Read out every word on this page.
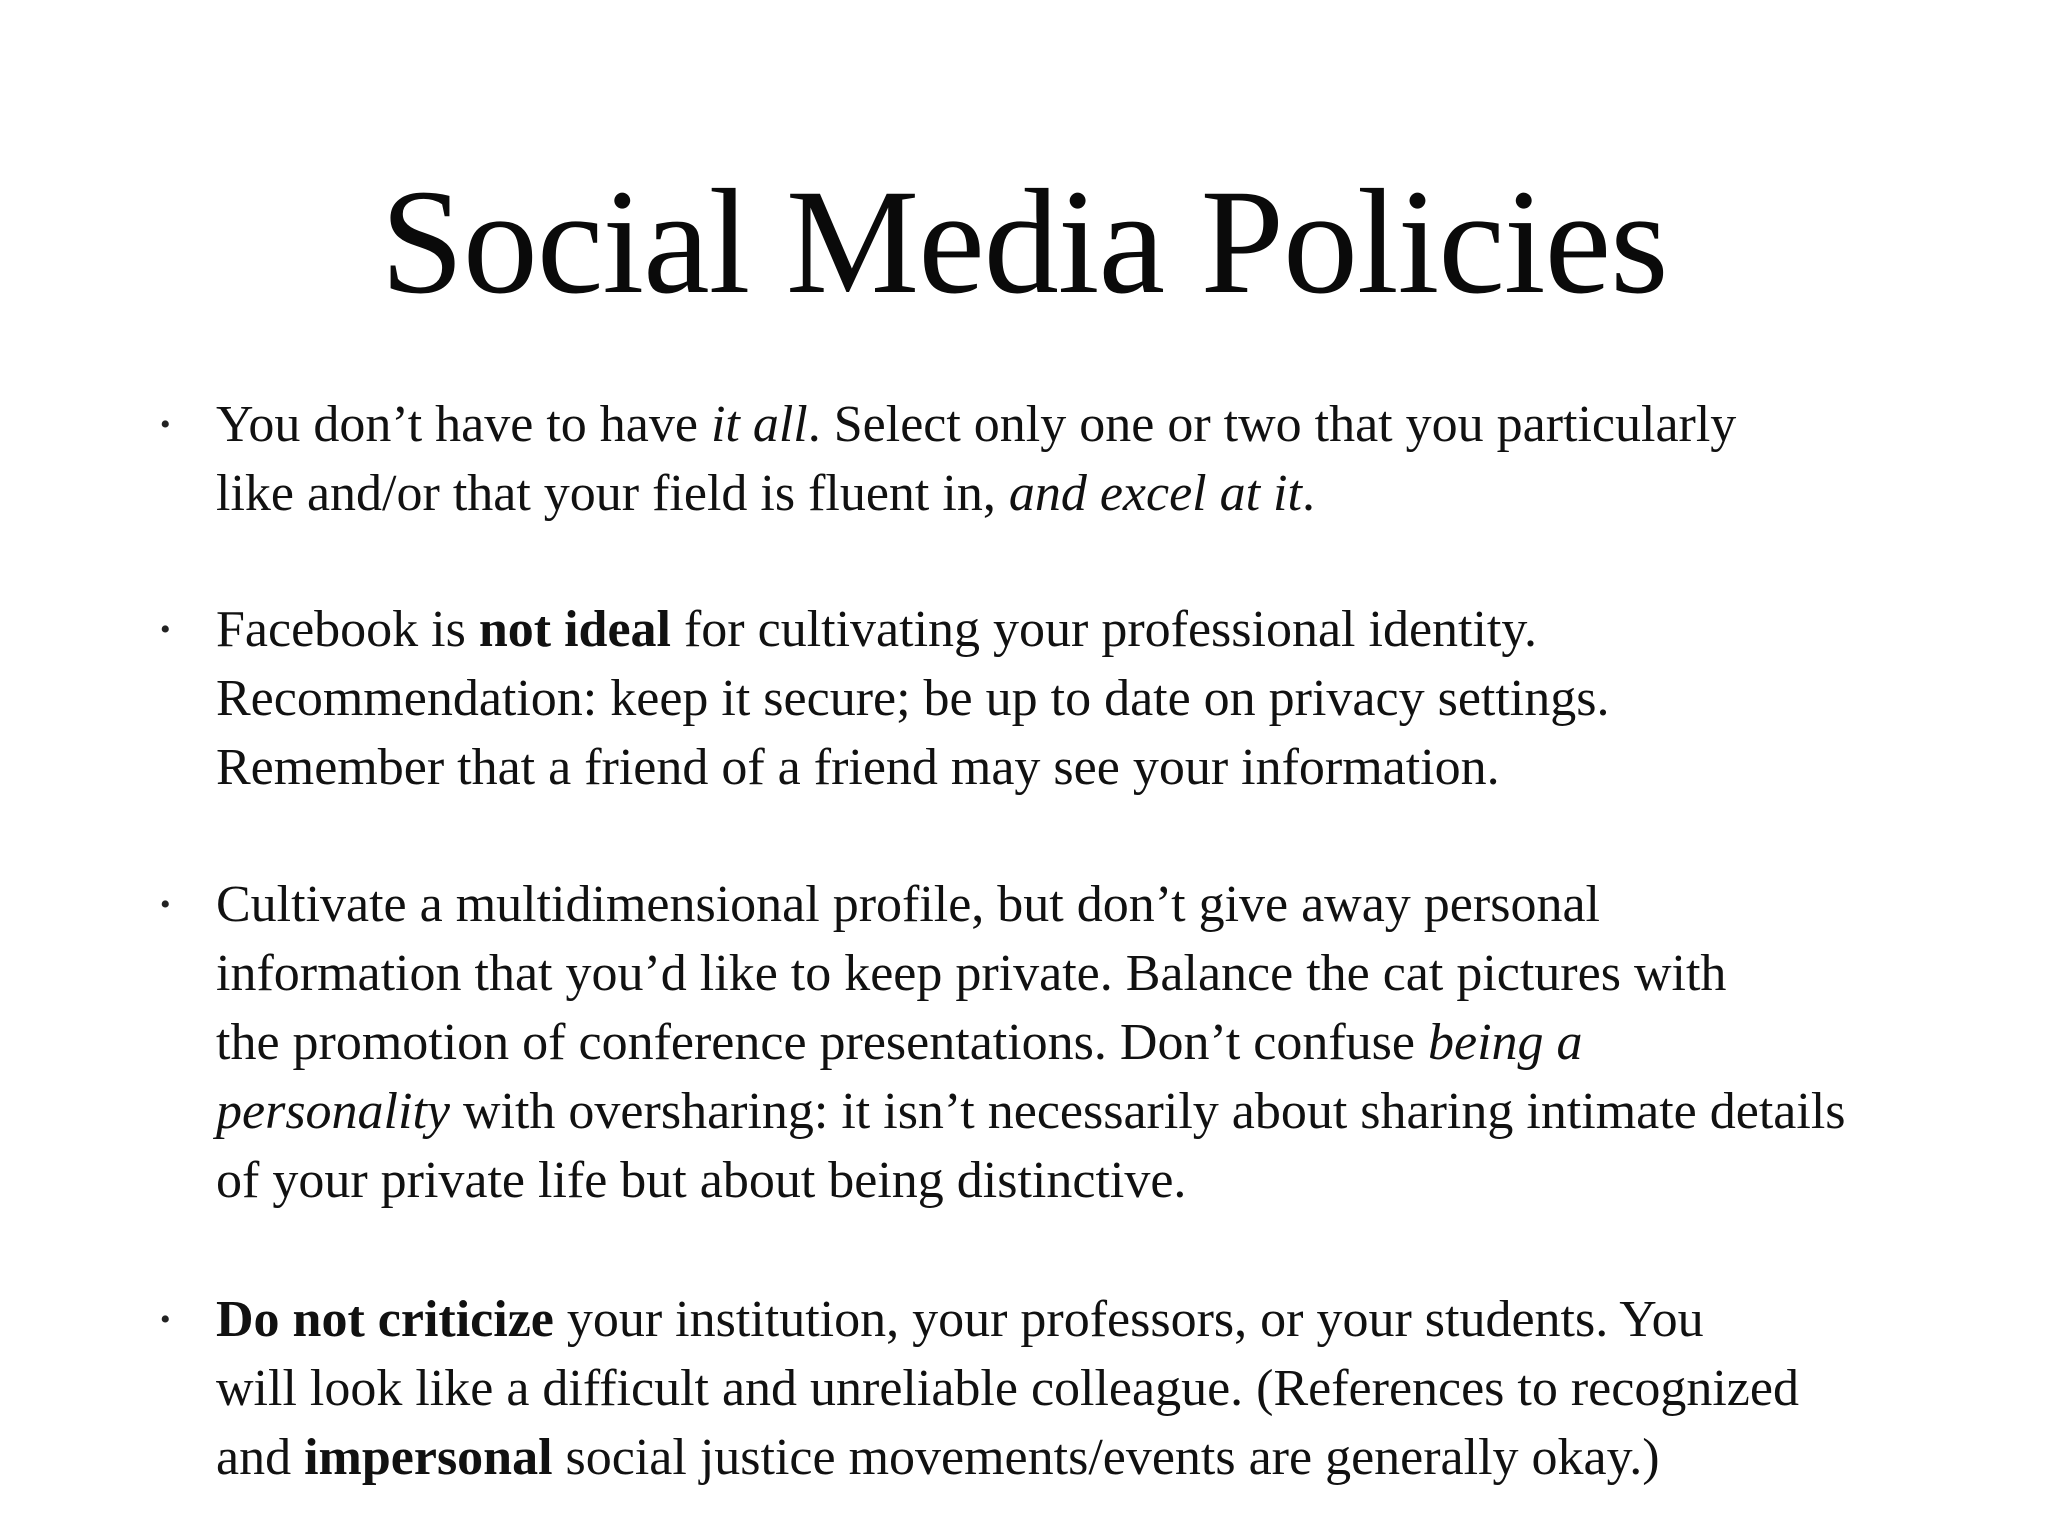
Social Media Policies
• You don’t have to have it all. Select only one or two that you particularly
like and/or that your field is fluent in, and excel at it.
• Facebook is not ideal for cultivating your professional identity.
Recommendation: keep it secure; be up to date on privacy settings.
Remember that a friend of a friend may see your information.
• Cultivate a multidimensional profile, but don’t give away personal
information that you’d like to keep private. Balance the cat pictures with
the promotion of conference presentations. Don’t confuse being a
personality with oversharing: it isn’t necessarily about sharing intimate details
of your private life but about being distinctive.
• Do not criticize your institution, your professors, or your students. You
will look like a difficult and unreliable colleague. (References to recognized
and impersonal social justice movements/events are generally okay.)
